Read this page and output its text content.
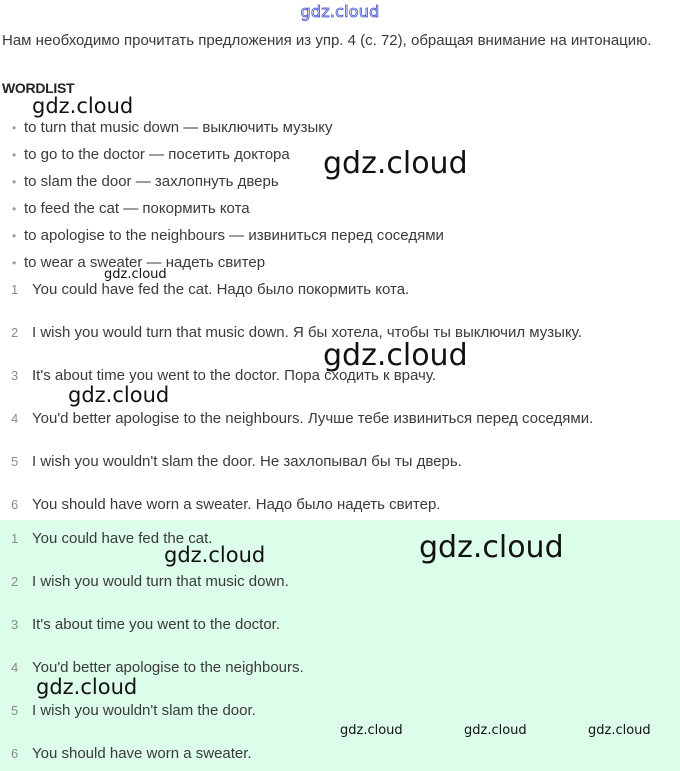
gdz.cloud
Нам необходимо прочитать предложения из упр. 4 (с. 72), обращая внимание на интонацию.
WORDLIST
• to turn that music down — выключить музыку
• to go to the doctor — посетить доктора
• to slam the door — захлопнуть дверь
• to feed the cat — покормить кота
• to apologise to the neighbours — извиниться перед соседями
• to wear a sweater — надеть свитер
1 You could have fed the cat. Надо было покормить кота.
2 I wish you would turn that music down. Я бы хотела, чтобы ты выключил музыку.
3 It's about time you went to the doctor. Пора сходить к врачу.
4 You'd better apologise to the neighbours. Лучше тебе извиниться перед соседями.
5 I wish you wouldn't slam the door. Не захлопывал бы ты дверь.
6 You should have worn a sweater. Надо было надеть свитер.
1 You could have fed the cat.
2 I wish you would turn that music down.
3 It's about time you went to the doctor.
4 You'd better apologise to the neighbours.
5 I wish you wouldn't slam the door.
6 You should have worn a sweater.
gdz.cloud
gdz.cloud
gdz.cloud
gdz.cloud
gdz.cloud
gdz.cloud	gdz.cloud
gdz.cloud
gdz.cloud	gdz.cloud	gdz.cloud
